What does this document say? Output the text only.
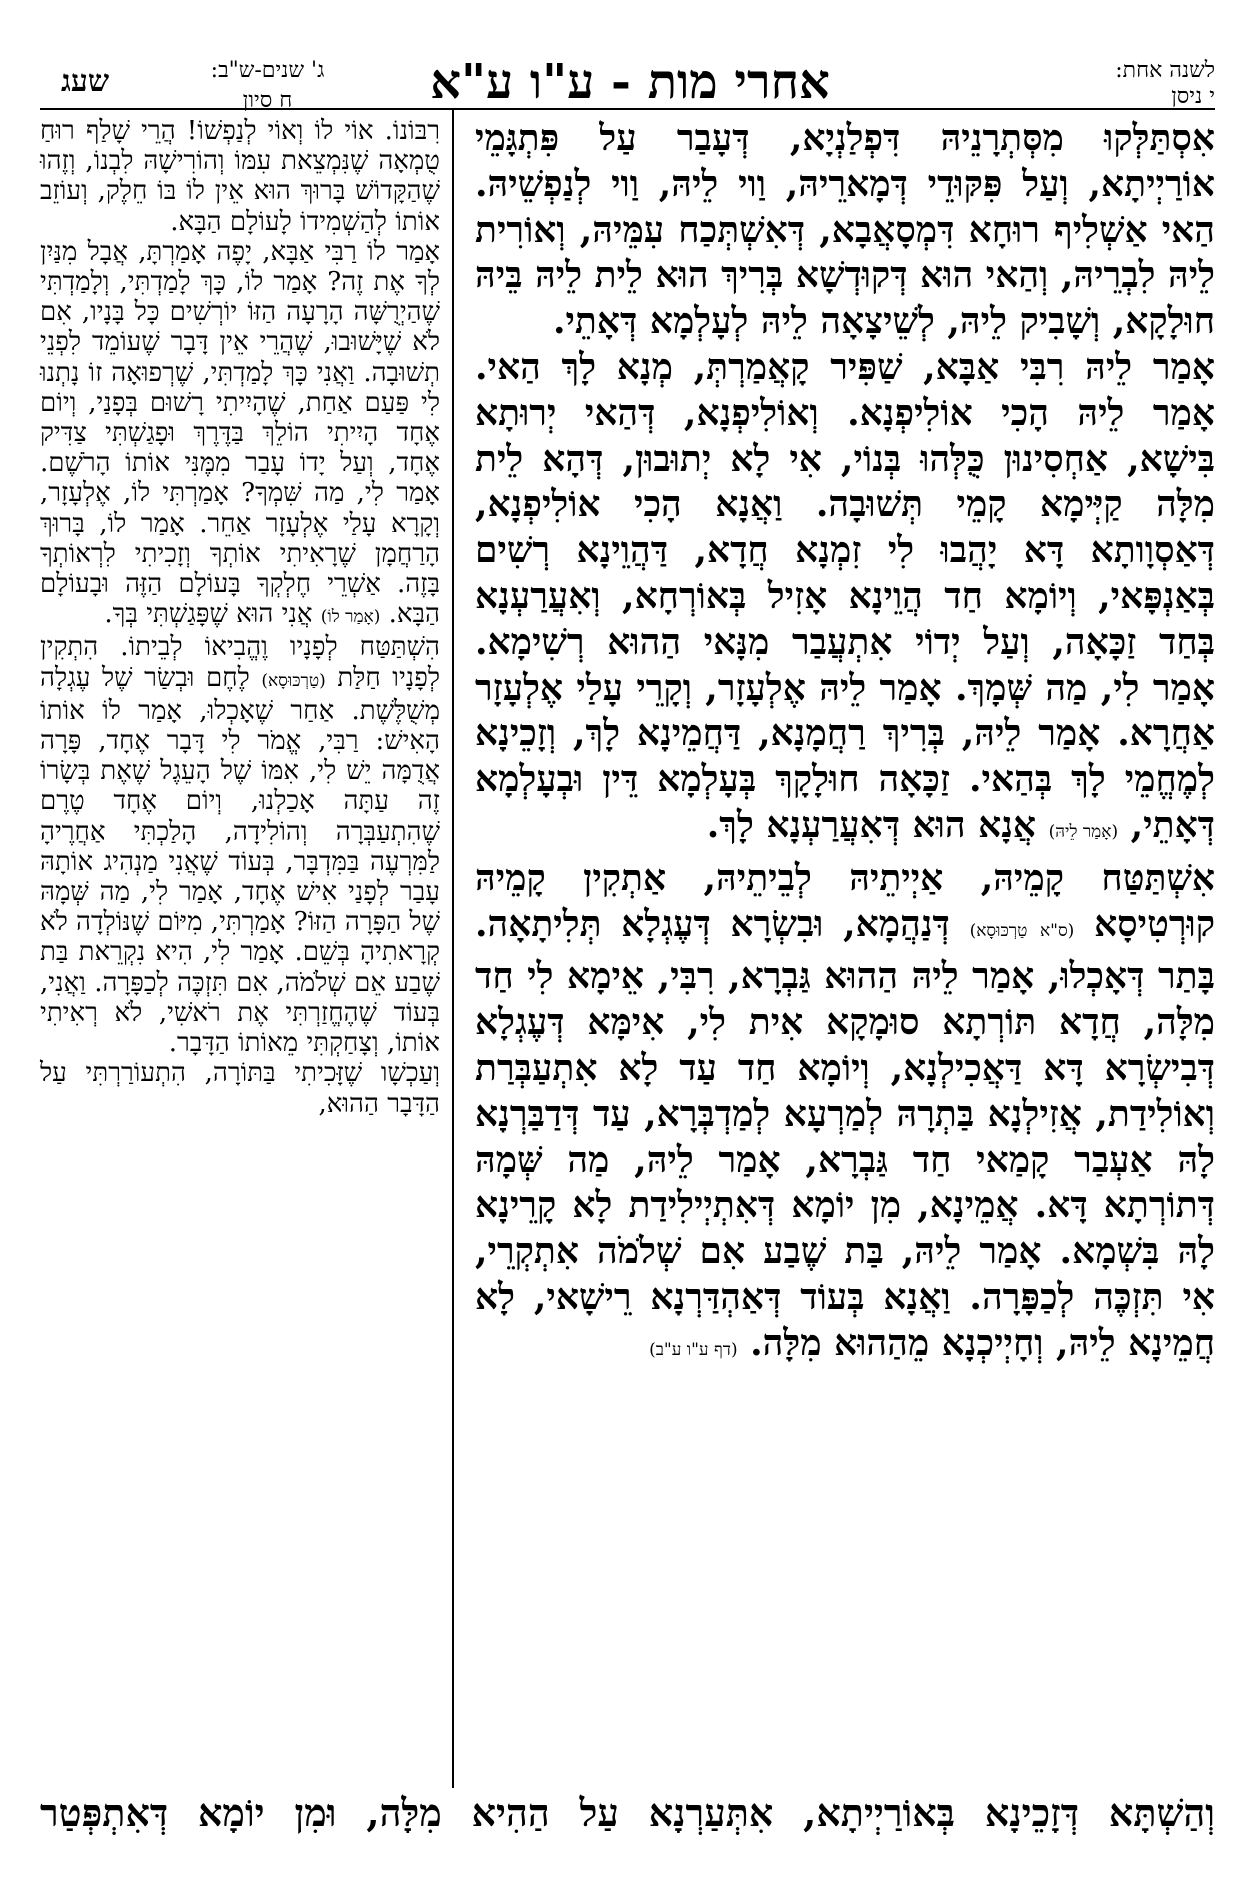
לשנה אחת:
י ניסן
אחרי מות - ע"ו ע"א
ג' שנים-ש"ב:
ח סיון
שעג

אִסְתַּלְּקוּ מִסְּתְרָנֵיהּ דִּפְלַנְיָא, דְּעָבַר עַל פִּתְגָּמֵי אוֹרַיְיתָא, וְעַל פִּקּוּדֵי דְּמָארֵיהּ, וַוי לֵיהּ, וַוי לְנַפְשֵׁיהּ. הַאי אַשְׁלִיף רוּחָא דִּמְסָאֲבָא, דְּאִשְׁתְּכַח עִמֵּיהּ, וְאוֹרִית לֵיהּ לִבְרֵיהּ, וְהַאי הוּא דְּקוּדְשָׁא בְּרִיךְ הוּא לֵית לֵיהּ בֵּיהּ חוּלָקָא, וְשָׁבִיק לֵיהּ, לְשֵׁיצָאָה לֵיהּ לְעָלְמָא דְּאָתֵי.

אָמַר לֵיהּ רִבִּי אַבָּא, שַׁפִּיר קָאֲמַרְתְּ, מְנָא לָךְ הַאי. אָמַר לֵיהּ הָכִי אוֹלִיפְנָא. וְאוֹלִיפְנָא, דְּהַאי יְרוּתָא בִּישָׁא, אַחְסִינוּן כֻּלְּהוּ בְּנוֹי, אִי לָא יְתוּבוּן, דְּהָא לֵית מִלָּה קַיְּימָא קָמֵי תְּשׁוּבָה. וַאֲנָא הָכִי אוֹלִיפְנָא, דְּאַסְוָותָא דָּא יָהֲבוּ לִי זִמְנָא חֲדָא, דַּהֲוֵינָא רְשִׁים בְּאַנְפָּאי, וְיוֹמָא חַד הֲוֵינָא אָזִיל בְּאוֹרְחָא, וְאִעֲרַעְנָא בְּחַד זַכָּאָה, וְעַל יְדוֹי אִתְעֲבַר מִנָּאי הַהוּא רְשִׁימָא. אָמַר לִי, מַה שְּׁמָךְ. אָמַר לֵיהּ אֶלְעָזָר, וְקָרֵי עָלַי אֶלְעָזָר אַחֲרָא. אָמַר לֵיהּ, בְּרִיךְ רַחֲמָנָא, דַּחֲמֵינָא לָךְ, וְזָכֵינָא לְמֶחֱמֵי לָךְ בְּהַאי. זַכָּאָה חוּלָקָךְ בְּעָלְמָא דֵּין וּבְעָלְמָא דְּאָתֵי, (אָמַר לֵיהּ) אֲנָא הוּא דְּאִעֲרַעְנָא לָךְ.

אִשְׁתַּטַּח קָמֵיהּ, אַיְיתֵיהּ לְבֵיתֵיהּ, אַתְקִין קָמֵיהּ קוּרְטִיסָא (ס"א טַרְכּוּסָא) דְּנַהֲמָא, וּבִשְׂרָא דְּעֶגְלָא תְּלִיתָאָה. בָּתַר דְּאָכְלוּ, אָמַר לֵיהּ הַהוּא גַּבְרָא, רִבִּי, אֵימָא לִי חַד מִלָּה, חֲדָא תּוֹרְתָא סוּמָקָא אִית לִי, אִימָּא דְּעֶגְלָא דְּבִישְׂרָא דָּא דַּאֲכִילְנָא, וְיוֹמָא חַד עַד לָא אִתְעַבְּרַת וְאוֹלִידַת, אֲזִילְנָא בַּתְרָהּ לְמַרְעָא לְמַדְבְּרָא, עַד דְּדַבַּרְנָא לָהּ אַעְבַר קָמַאי חַד גַּבְרָא, אָמַר לֵיהּ, מַה שְּׁמָהּ דְּתוֹרְתָא דָּא. אֲמֵינָא, מִן יוֹמָא דְּאִתְיְילִידַת לָא קָרֵינָא לָהּ בִּשְׁמָא. אָמַר לֵיהּ, בַּת שֶׁבַע אִם שְׁלֹמֹה אִתְקְרֵי, אִי תִּזְכֶּה לְכַפָּרָה. וַאֲנָא בְּעוֹד דְּאַהְדַּרְנָא רֵישָׁאי, לָא חֲמֵינָא לֵיהּ, וְחָיְיכְנָא מֵהַהוּא מִלָּה. (דף ע"ו ע"ב)

רִבּוֹנוֹ. אוֹי לוֹ וְאוֹי לְנַפְשׁוֹ! הֲרֵי שָׁלַף רוּחַ טֻמְאָה שֶׁנִּמְצֵאת עִמּוֹ וְהוֹרִישָׁהּ לִבְנוֹ, וְזֶהוּ שֶׁהַקָּדוֹשׁ בָּרוּךְ הוּא אֵין לוֹ בּוֹ חֵלֶק, וְעוֹזֵב אוֹתוֹ לְהַשְׁמִידוֹ לָעוֹלָם הַבָּא.

אָמַר לוֹ רַבִּי אַבָּא, יָפֶה אָמַרְתָּ, אֲבָל מִנַּיִן לְךָ אֶת זֶה? אָמַר לוֹ, כָּךְ לָמַדְתִּי, וְלָמַדְתִּי שֶׁהַיְרֻשָּׁה הָרָעָה הַזּוֹ יוֹרְשִׁים כָּל בָּנָיו, אִם לֹא שֶׁיָּשׁוּבוּ, שֶׁהֲרֵי אֵין דָּבָר שֶׁעוֹמֵד לִפְנֵי תְשׁוּבָה. וַאֲנִי כָּךְ לָמַדְתִּי, שֶׁרְפוּאָה זוֹ נָתְנוּ לִי פַּעַם אַחַת, שֶׁהָיִיתִי רָשׁוּם בְּפָנַי, וְיוֹם אֶחָד הָיִיתִי הוֹלֵךְ בַּדֶּרֶךְ וּפָגַשְׁתִּי צַדִּיק אֶחָד, וְעַל יָדוֹ עָבַר מִמֶּנִּי אוֹתוֹ הָרֹשֶׁם. אָמַר לִי, מַה שִּׁמְךָ? אָמַרְתִּי לוֹ, אֶלְעָזָר, וְקָרָא עָלַי אֶלְעָזָר אַחֵר. אָמַר לוֹ, בָּרוּךְ הָרַחֲמָן שֶׁרָאִיתִי אוֹתְךָ וְזָכִיתִי לִרְאוֹתְךָ בָּזֶה. אַשְׁרֵי חֶלְקְךָ בָּעוֹלָם הַזֶּה וּבָעוֹלָם הַבָּא. (אָמַר לוֹ) אֲנִי הוּא שֶׁפָּגַשְׁתִּי בְּךָ.

הִשְׁתַּטַּח לְפָנָיו וֶהֱבִיאוֹ לְבֵיתוֹ. הִתְקִין לְפָנָיו חַלַּת (טַרְכּוּסָא) לֶחֶם וּבְשַׂר שֶׁל עֶגְלָה מְשֻׁלֶּשֶׁת. אַחַר שֶׁאָכְלוּ, אָמַר לוֹ אוֹתוֹ הָאִישׁ: רַבִּי, אֱמֹר לִי דָּבָר אֶחָד, פָּרָה אֲדֻמָּה יֵשׁ לִי, אִמּוֹ שֶׁל הָעֵגֶל שֶׁאֶת בְּשָׂרוֹ זֶה עַתָּה אָכַלְנוּ, וְיוֹם אֶחָד טֶרֶם שֶׁהִתְעַבְּרָה וְהוֹלִידָה, הָלַכְתִּי אַחֲרֶיהָ לַמִּרְעֶה בַּמִּדְבָּר, בְּעוֹד שֶׁאֲנִי מַנְהִיג אוֹתָהּ עָבַר לְפָנַי אִישׁ אֶחָד, אָמַר לִי, מַה שְּׁמָהּ שֶׁל הַפָּרָה הַזּוֹ? אָמַרְתִּי, מִיּוֹם שֶׁנּוֹלְדָה לֹא קְרָאתִיהָ בְּשֵׁם. אָמַר לִי, הִיא נִקְרֵאת בַּת שֶׁבַע אֵם שְׁלֹמֹה, אִם תִּזְכֶּה לְכַפָּרָה. וַאֲנִי, בְּעוֹד שֶׁהֶחֱזַרְתִּי אֶת רֹאשִׁי, לֹא רְאִיתִי אוֹתוֹ, וְצָחַקְתִּי מֵאוֹתוֹ הַדָּבָר.

וְעַכְשָׁו שֶׁזָּכִיתִי בַּתּוֹרָה, הִתְעוֹרַרְתִּי עַל הַדָּבָר הַהוּא,

וְהַשְׁתָּא דְּזָכֵינָא בְּאוֹרַיְיתָא, אִתְּעַרְנָא עַל הַהִיא מִלָּה, וּמִן יוֹמָא דְּאִתְפְּטַר
